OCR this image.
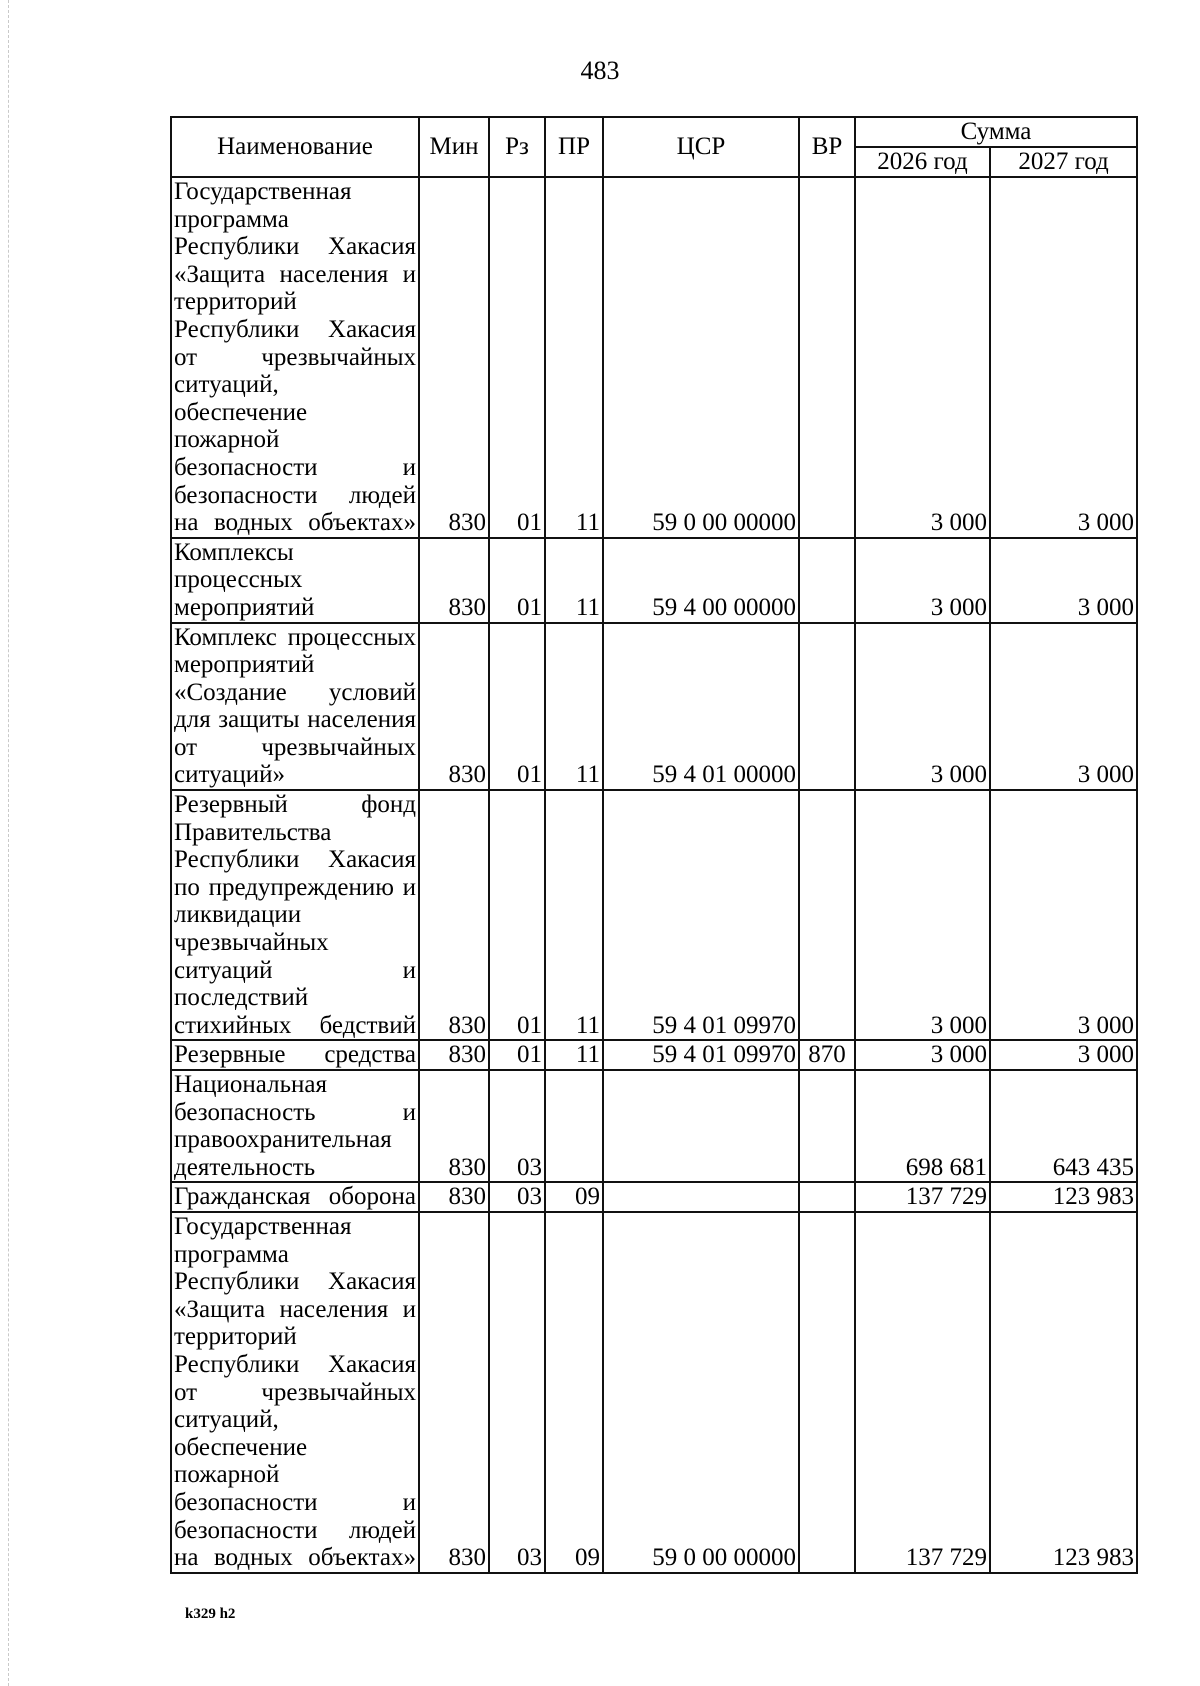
483
Наименование	Мин	Рз	ПР	ЦСР	ВР	Сумма	
						2026 год	2027 год
Государственная программа Республики Хакасия «Защита населения и территорий Республики Хакасия от чрезвычайных ситуаций, обеспечение пожарной безопасности и безопасности людей на водных объектах»	830	01	11	59 0 00 00000		3 000	3 000
Комплексы процессных мероприятий	830	01	11	59 4 00 00000		3 000	3 000
Комплекс процессных мероприятий «Создание условий для защиты населения от чрезвычайных ситуаций»	830	01	11	59 4 01 00000		3 000	3 000
Резервный фонд Правительства Республики Хакасия по предупреждению и ликвидации чрезвычайных ситуаций и последствий стихийных бедствий	830	01	11	59 4 01 09970		3 000	3 000
Резервные средства	830	01	11	59 4 01 09970	870	3 000	3 000
Национальная безопасность и правоохранительная деятельность	830	03				698 681	643 435
Гражданская оборона	830	03	09			137 729	123 983
Государственная программа Республики Хакасия «Защита населения и территорий Республики Хакасия от чрезвычайных ситуаций, обеспечение пожарной безопасности и безопасности людей на водных объектах»	830	03	09	59 0 00 00000		137 729	123 983
k329 h2
